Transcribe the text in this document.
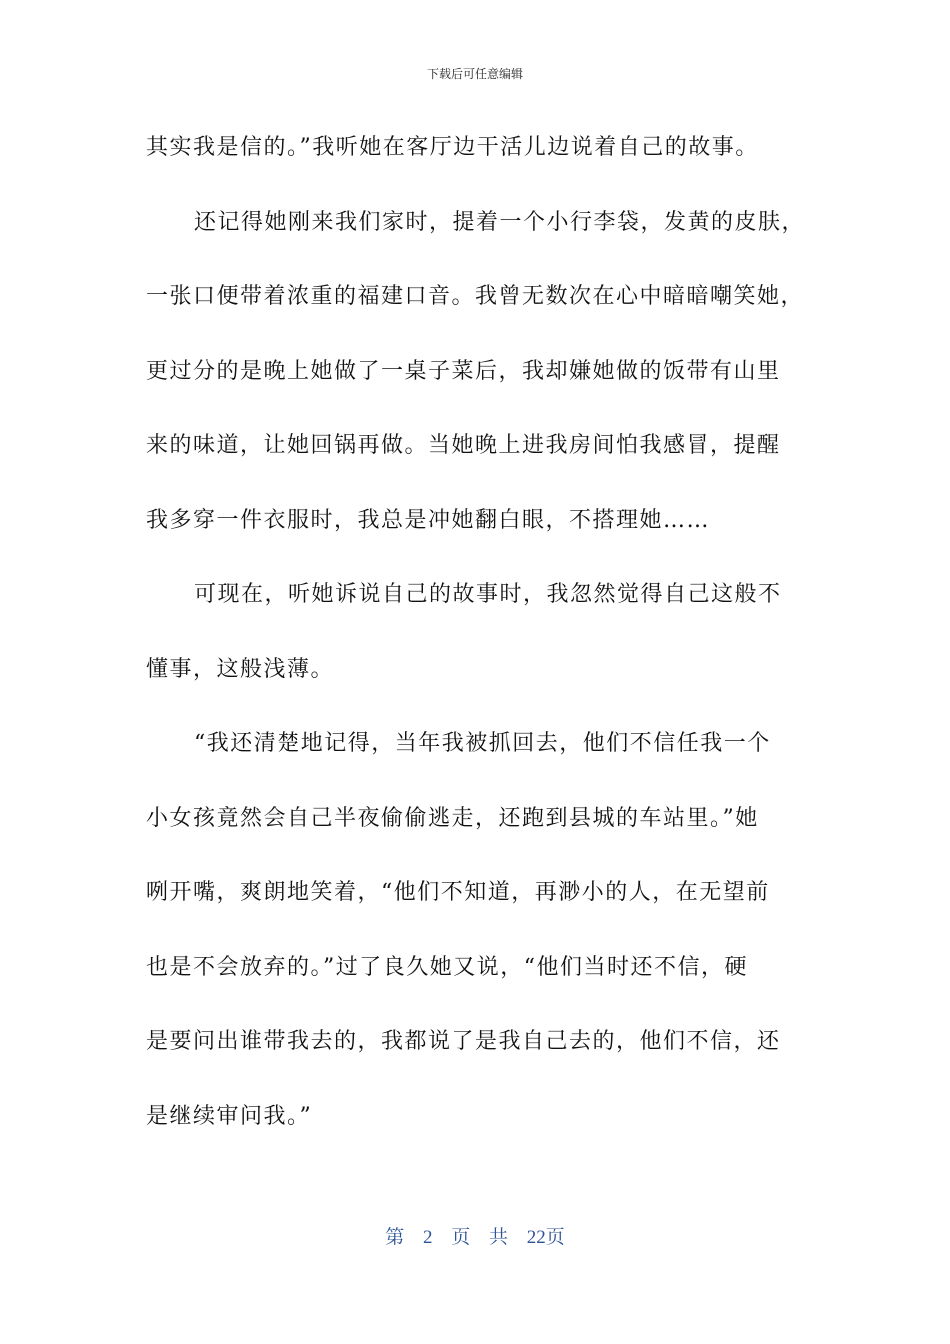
下载后可任意编辑
其实我是信的。”我听她在客厅边干活儿边说着自己的故事。
还记得她刚来我们家时，提着一个小行李袋，发黄的皮肤，
一张口便带着浓重的福建口音。我曾无数次在心中暗暗嘲笑她，
更过分的是晚上她做了一桌子菜后，我却嫌她做的饭带有山里
来的味道，让她回锅再做。当她晚上进我房间怕我感冒，提醒
我多穿一件衣服时，我总是冲她翻白眼，不搭理她……
可现在，听她诉说自己的故事时，我忽然觉得自己这般不
懂事，这般浅薄。
“我还清楚地记得，当年我被抓回去，他们不信任我一个
小女孩竟然会自己半夜偷偷逃走，还跑到县城的车站里。”她
咧开嘴，爽朗地笑着，“他们不知道，再渺小的人，在无望前
也是不会放弃的。”过了良久她又说，“他们当时还不信，硬
是要问出谁带我去的，我都说了是我自己去的，他们不信，还
是继续审问我。”
第 2 页 共 22页
